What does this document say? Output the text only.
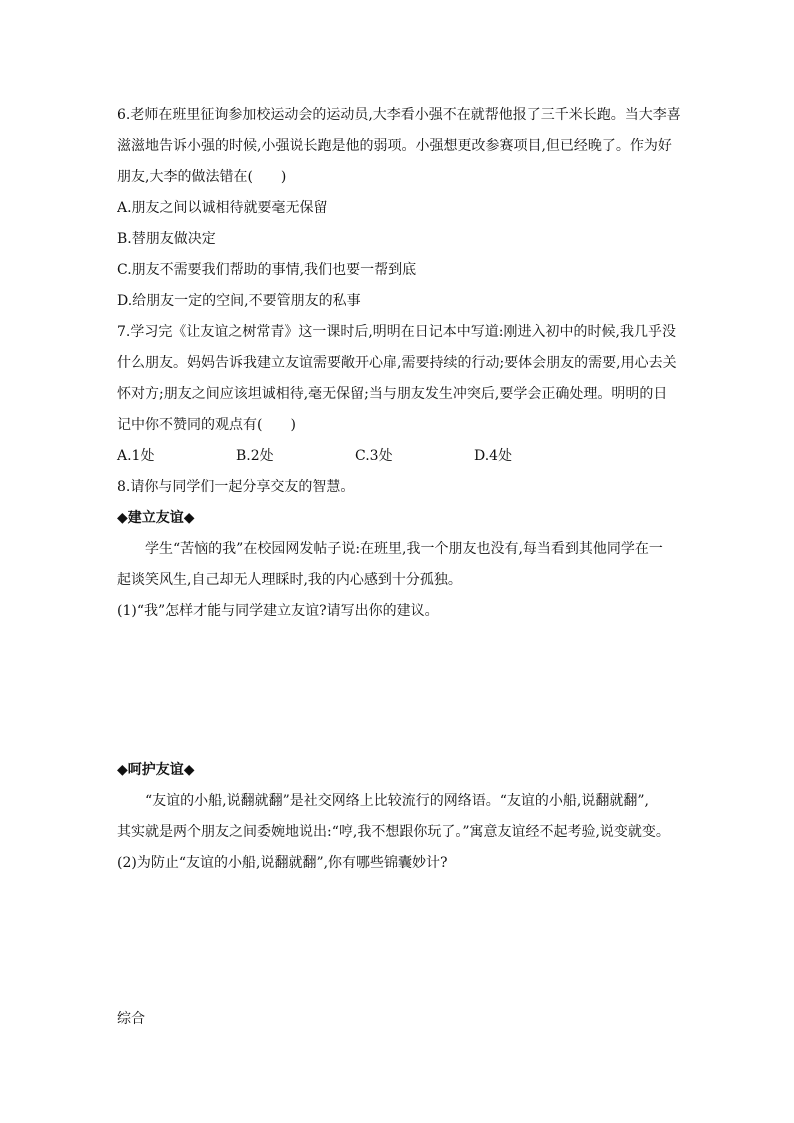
6.老师在班里征询参加校运动会的运动员,大李看小强不在就帮他报了三千米长跑。当大李喜
滋滋地告诉小强的时候,小强说长跑是他的弱项。小强想更改参赛项目,但已经晚了。作为好
朋友,大李的做法错在(　　)
A.朋友之间以诚相待就要毫无保留
B.替朋友做决定
C.朋友不需要我们帮助的事情,我们也要一帮到底
D.给朋友一定的空间,不要管朋友的私事
7.学习完《让友谊之树常青》这一课时后,明明在日记本中写道:刚进入初中的时候,我几乎没
什么朋友。妈妈告诉我建立友谊需要敞开心扉,需要持续的行动;要体会朋友的需要,用心去关
怀对方;朋友之间应该坦诚相待,毫无保留;当与朋友发生冲突后,要学会正确处理。明明的日
记中你不赞同的观点有(　　)
A.1处	B.2处	C.3处	D.4处
8.请你与同学们一起分享交友的智慧。
◆建立友谊◆
学生“苦恼的我”在校园网发帖子说:在班里,我一个朋友也没有,每当看到其他同学在一
起谈笑风生,自己却无人理睬时,我的内心感到十分孤独。
(1)“我”怎样才能与同学建立友谊?请写出你的建议。
◆呵护友谊◆
“友谊的小船,说翻就翻”是社交网络上比较流行的网络语。“友谊的小船,说翻就翻”,
其实就是两个朋友之间委婉地说出:“哼,我不想跟你玩了。”寓意友谊经不起考验,说变就变。
(2)为防止“友谊的小船,说翻就翻”,你有哪些锦囊妙计?
综合
